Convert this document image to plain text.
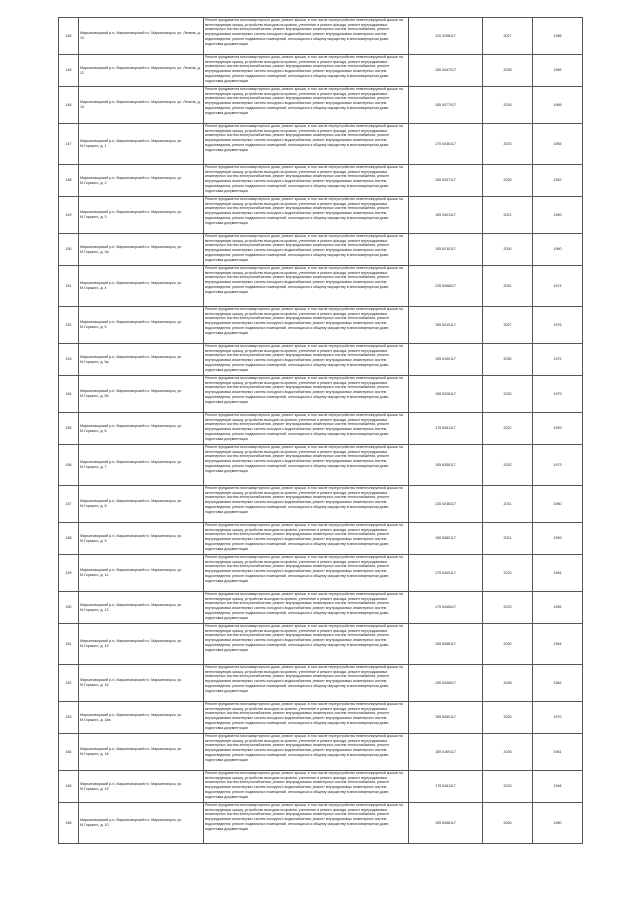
146	Марьиноворский р-н, Марьиноворский п.г. Марьиноворск, ул. Ленина, д. 10	Ремонт фундамента многоквартирного дома, ремонт крыши, в том числе переустройство невентилируемой крыши на вентилируемую крышу, устройство выходов на кровлю, утепление и ремонт фасада, ремонт внутридомовых инженерных систем электроснабжения, ремонт внутридомовых инженерных систем теплоснабжения, ремонт внутридомовых инженерных систем холодного водоснабжения, ремонт внутридомовых инженерных систем водоотведения, ремонт подвальных помещений, относящихся к общему имуществу в многоквартирном доме, подготовка документации	115 3298117	2027	1986

146	Марьиноворский р-н, Марьиноворский п.г. Марьиноворск, ул. Ленина, д. 12	Ремонт фундамента многоквартирного дома, ремонт крыши, в том числе переустройство невентилируемой крыши на вентилируемую крышу, устройство выходов на кровлю, утепление и ремонт фасада, ремонт внутридомовых инженерных систем электроснабжения, ремонт внутридомовых инженерных систем теплоснабжения, ремонт внутридомовых инженерных систем холодного водоснабжения, ремонт внутридомовых инженерных систем водоотведения, ремонт подвальных помещений, относящихся к общему имуществу в многоквартирном доме, подготовка документации	155 3447017	2028	1965

146	Марьиноворский р-н, Марьиноворский п.г. Марьиноворск, ул. Ленина, д. 14	Ремонт фундамента многоквартирного дома, ремонт крыши, в том числе переустройство невентилируемой крыши на вентилируемую крышу, устройство выходов на кровлю, утепление и ремонт фасада, ремонт внутридомовых инженерных систем электроснабжения, ремонт внутридомовых инженерных систем теплоснабжения, ремонт внутридомовых инженерных систем холодного водоснабжения, ремонт внутридомовых инженерных систем водоотведения, ремонт подвальных помещений, относящихся к общему имуществу в многоквартирном доме, подготовка документации	155 5477017	2028	1965

147	Марьиноворский р-н, Марьиноворский п.г. Марьиноворск, ул. М.Горького, д. 1	Ремонт фундамента многоквартирного дома, ремонт крыши, в том числе переустройство невентилируемой крыши на вентилируемую крышу, устройство выходов на кровлю, утепление и ремонт фасада, ремонт внутридомовых инженерных систем электроснабжения, ремонт внутридомовых инженерных систем теплоснабжения, ремонт внутридомовых инженерных систем холодного водоснабжения, ремонт внутридомовых инженерных систем водоотведения, ремонт подвальных помещений, относящихся к общему имуществу в многоквартирном доме, подготовка документации	175 5446117	2023	1955

148	Марьиноворский р-н, Марьиноворский п.г. Марьиноворск, ул. М.Горького, д. 2	Ремонт фундамента многоквартирного дома, ремонт крыши, в том числе переустройство невентилируемой крыши на вентилируемую крышу, устройство выходов на кровлю, утепление и ремонт фасада, ремонт внутридомовых инженерных систем электроснабжения, ремонт внутридомовых инженерных систем теплоснабжения, ремонт внутридомовых инженерных систем холодного водоснабжения, ремонт внутридомовых инженерных систем водоотведения, ремонт подвальных помещений, относящихся к общему имуществу в многоквартирном доме, подготовка документации	155 5437117	2026	1962

149	Марьиноворский р-н, Марьиноворский п.г. Марьиноворск, ул. М.Горького, д. 3	Ремонт фундамента многоквартирного дома, ремонт крыши, в том числе переустройство невентилируемой крыши на вентилируемую крышу, устройство выходов на кровлю, утепление и ремонт фасада, ремонт внутридомовых инженерных систем электроснабжения, ремонт внутридомовых инженерных систем теплоснабжения, ремонт внутридомовых инженерных систем холодного водоснабжения, ремонт внутридомовых инженерных систем водоотведения, ремонт подвальных помещений, относящихся к общему имуществу в многоквартирном доме, подготовка документации	155 5401117	2021	1969

150	Марьиноворский р-н, Марьиноворский п.г. Марьиноворск, ул. М.Горького, д. 3а	Ремонт фундамента многоквартирного дома, ремонт крыши, в том числе переустройство невентилируемой крыши на вентилируемую крышу, устройство выходов на кровлю, утепление и ремонт фасада, ремонт внутридомовых инженерных систем электроснабжения, ремонт внутридомовых инженерных систем теплоснабжения, ремонт внутридомовых инженерных систем холодного водоснабжения, ремонт внутридомовых инженерных систем водоотведения, ремонт подвальных помещений, относящихся к общему имуществу в многоквартирном доме, подготовка документации	155 6210117	2030	1960

151	Марьиноворский р-н, Марьиноворский п.г. Марьиноворск, ул. М.Горького, д. 4	Ремонт фундамента многоквартирного дома, ремонт крыши, в том числе переустройство невентилируемой крыши на вентилируемую крышу, устройство выходов на кровлю, утепление и ремонт фасада, ремонт внутридомовых инженерных систем электроснабжения, ремонт внутридомовых инженерных систем теплоснабжения, ремонт внутридомовых инженерных систем холодного водоснабжения, ремонт внутридомовых инженерных систем водоотведения, ремонт подвальных помещений, относящихся к общему имуществу в многоквартирном доме, подготовка документации	135 5368017	2031	1974

152	Марьиноворский р-н, Марьиноворский п.г. Марьиноворск, ул. М.Горького, д. 5	Ремонт фундамента многоквартирного дома, ремонт крыши, в том числе переустройство невентилируемой крыши на вентилируемую крышу, устройство выходов на кровлю, утепление и ремонт фасада, ремонт внутридомовых инженерных систем электроснабжения, ремонт внутридомовых инженерных систем теплоснабжения, ремонт внутридомовых инженерных систем холодного водоснабжения, ремонт внутридомовых инженерных систем водоотведения, ремонт подвальных помещений, относящихся к общему имуществу в многоквартирном доме, подготовка документации	155 5415117	2027	1976

153	Марьиноворский р-н, Марьиноворский п.г. Марьиноворск, ул. М.Горького, д. 5а	Ремонт фундамента многоквартирного дома, ремонт крыши, в том числе переустройство невентилируемой крыши на вентилируемую крышу, устройство выходов на кровлю, утепление и ремонт фасада, ремонт внутридомовых инженерных систем электроснабжения, ремонт внутридомовых инженерных систем теплоснабжения, ремонт внутридомовых инженерных систем холодного водоснабжения, ремонт внутридомовых инженерных систем водоотведения, ремонт подвальных помещений, относящихся к общему имуществу в многоквартирном доме, подготовка документации	155 5100117	2035	1972

154	Марьиноворский р-н, Марьиноворский п.г. Марьиноворск, ул. М.Горького, д. 5б	Ремонт фундамента многоквартирного дома, ремонт крыши, в том числе переустройство невентилируемой крыши на вентилируемую крышу, устройство выходов на кровлю, утепление и ремонт фасада, ремонт внутридомовых инженерных систем электроснабжения, ремонт внутридомовых инженерных систем теплоснабжения, ремонт внутридомовых инженерных систем холодного водоснабжения, ремонт внутридомовых инженерных систем водоотведения, ремонт подвальных помещений, относящихся к общему имуществу в многоквартирном доме, подготовка документации	155 5326117	2032	1979

155	Марьиноворский р-н, Марьиноворский п.г. Марьиноворск, ул. М.Горького, д. 6	Ремонт фундамента многоквартирного дома, ремонт крыши, в том числе переустройство невентилируемой крыши на вентилируемую крышу, устройство выходов на кровлю, утепление и ремонт фасада, ремонт внутридомовых инженерных систем электроснабжения, ремонт внутридомовых инженерных систем теплоснабжения, ремонт внутридомовых инженерных систем холодного водоснабжения, ремонт внутридомовых инженерных систем водоотведения, ремонт подвальных помещений, относящихся к общему имуществу в многоквартирном доме, подготовка документации	175 5451117	2022	1959

156	Марьиноворский р-н, Марьиноворский п.г. Марьиноворск, ул. М.Горького, д. 7	Ремонт фундамента многоквартирного дома, ремонт крыши, в том числе переустройство невентилируемой крыши на вентилируемую крышу, устройство выходов на кровлю, утепление и ремонт фасада, ремонт внутридомовых инженерных систем электроснабжения, ремонт внутридомовых инженерных систем теплоснабжения, ремонт внутридомовых инженерных систем холодного водоснабжения, ремонт внутридомовых инженерных систем водоотведения, ремонт подвальных помещений, относящихся к общему имуществу в многоквартирном доме, подготовка документации	155 6356117	2032	1973

157	Марьиноворский р-н, Марьиноворский п.г. Марьиноворск, ул. М.Горького, д. 8	Ремонт фундамента многоквартирного дома, ремонт крыши, в том числе переустройство невентилируемой крыши на вентилируемую крышу, устройство выходов на кровлю, утепление и ремонт фасада, ремонт внутридомовых инженерных систем электроснабжения, ремонт внутридомовых инженерных систем теплоснабжения, ремонт внутридомовых инженерных систем холодного водоснабжения, ремонт внутридомовых инженерных систем водоотведения, ремонт подвальных помещений, относящихся к общему имуществу в многоквартирном доме, подготовка документации	135 5246317	2031	1980

158	Марьиноворский р-н, Марьиноворский п.г. Марьиноворск, ул. М.Горького, д. 9	Ремонт фундамента многоквартирного дома, ремонт крыши, в том числе переустройство невентилируемой крыши на вентилируемую крышу, устройство выходов на кровлю, утепление и ремонт фасада, ремонт внутридомовых инженерных систем электроснабжения, ремонт внутридомовых инженерных систем теплоснабжения, ремонт внутридомовых инженерных систем холодного водоснабжения, ремонт внутридомовых инженерных систем водоотведения, ремонт подвальных помещений, относящихся к общему имуществу в многоквартирном доме, подготовка документации	155 5380117	2021	1959

159	Марьиноворский р-н, Марьиноворский п.г. Марьиноворск, ул. М.Горького, д. 11	Ремонт фундамента многоквартирного дома, ремонт крыши, в том числе переустройство невентилируемой крыши на вентилируемую крышу, устройство выходов на кровлю, утепление и ремонт фасада, ремонт внутридомовых инженерных систем электроснабжения, ремонт внутридомовых инженерных систем теплоснабжения, ремонт внутридомовых инженерных систем холодного водоснабжения, ремонт внутридомовых инженерных систем водоотведения, ремонт подвальных помещений, относящихся к общему имуществу в многоквартирном доме, подготовка документации	175 5405117	2023	1954

160	Марьиноворский р-н, Марьиноворский п.г. Марьиноворск, ул. М.Горького, д. 13	Ремонт фундамента многоквартирного дома, ремонт крыши, в том числе переустройство невентилируемой крыши на вентилируемую крышу, устройство выходов на кровлю, утепление и ремонт фасада, ремонт внутридомовых инженерных систем электроснабжения, ремонт внутридомовых инженерных систем теплоснабжения, ремонт внутридомовых инженерных систем холодного водоснабжения, ремонт внутридомовых инженерных систем водоотведения, ремонт подвальных помещений, относящихся к общему имуществу в многоквартирном доме, подготовка документации	175 5446417	2023	1955

161	Марьиноворский р-н, Марьиноворский п.г. Марьиноворск, ул. М.Горького, д. 15	Ремонт фундамента многоквартирного дома, ремонт крыши, в том числе переустройство невентилируемой крыши на вентилируемую крышу, устройство выходов на кровлю, утепление и ремонт фасада, ремонт внутридомовых инженерных систем электроснабжения, ремонт внутридомовых инженерных систем теплоснабжения, ремонт внутридомовых инженерных систем холодного водоснабжения, ремонт внутридомовых инженерных систем водоотведения, ремонт подвальных помещений, относящихся к общему имуществу в многоквартирном доме, подготовка документации	155 5368117	2030	1964

162	Марьиноворский р-н, Марьиноворский п.г. Марьиноворск, ул. М.Горького, д. 16	Ремонт фундамента многоквартирного дома, ремонт крыши, в том числе переустройство невентилируемой крыши на вентилируемую крышу, устройство выходов на кровлю, утепление и ремонт фасада, ремонт внутридомовых инженерных систем электроснабжения, ремонт внутридомовых инженерных систем теплоснабжения, ремонт внутридомовых инженерных систем холодного водоснабжения, ремонт внутридомовых инженерных систем водоотведения, ремонт подвальных помещений, относящихся к общему имуществу в многоквартирном доме, подготовка документации	155 5346517	2028	1962

163	Марьиноворский р-н, Марьиноворский п.г. Марьиноворск, ул. М.Горького, д. 18а	Ремонт фундамента многоквартирного дома, ремонт крыши, в том числе переустройство невентилируемой крыши на вентилируемую крышу, устройство выходов на кровлю, утепление и ремонт фасада, ремонт внутридомовых инженерных систем электроснабжения, ремонт внутридомовых инженерных систем теплоснабжения, ремонт внутридомовых инженерных систем холодного водоснабжения, ремонт внутридомовых инженерных систем водоотведения, ремонт подвальных помещений, относящихся к общему имуществу в многоквартирном доме, подготовка документации	155 5450117	2026	1970

164	Марьиноворский р-н, Марьиноворский п.г. Марьиноворск, ул. М.Горького, д. 18	Ремонт фундамента многоквартирного дома, ремонт крыши, в том числе переустройство невентилируемой крыши на вентилируемую крышу, устройство выходов на кровлю, утепление и ремонт фасада, ремонт внутридомовых инженерных систем электроснабжения, ремонт внутридомовых инженерных систем теплоснабжения, ремонт внутридомовых инженерных систем холодного водоснабжения, ремонт внутридомовых инженерных систем водоотведения, ремонт подвальных помещений, относящихся к общему имуществу в многоквартирном доме, подготовка документации	155 5169117	2026	1961

165	Марьиноворский р-н, Марьиноворский п.г. Марьиноворск, ул. М.Горького, д. 19	Ремонт фундамента многоквартирного дома, ремонт крыши, в том числе переустройство невентилируемой крыши на вентилируемую крышу, устройство выходов на кровлю, утепление и ремонт фасада, ремонт внутридомовых инженерных систем электроснабжения, ремонт внутридомовых инженерных систем теплоснабжения, ремонт внутридомовых инженерных систем холодного водоснабжения, ремонт внутридомовых инженерных систем водоотведения, ремонт подвальных помещений, относящихся к общему имуществу в многоквартирном доме, подготовка документации	175 5451117	2023	1948

166	Марьиноворский р-н, Марьиноворский п.г. Марьиноворск, ул. М.Горького, д. 10	Ремонт фундамента многоквартирного дома, ремонт крыши, в том числе переустройство невентилируемой крыши на вентилируемую крышу, устройство выходов на кровлю, утепление и ремонт фасада, ремонт внутридомовых инженерных систем электроснабжения, ремонт внутридомовых инженерных систем теплоснабжения, ремонт внутридомовых инженерных систем холодного водоснабжения, ремонт внутридомовых инженерных систем водоотведения, ремонт подвальных помещений, относящихся к общему имуществу в многоквартирном доме, подготовка документации	155 5358117	2026	1960
